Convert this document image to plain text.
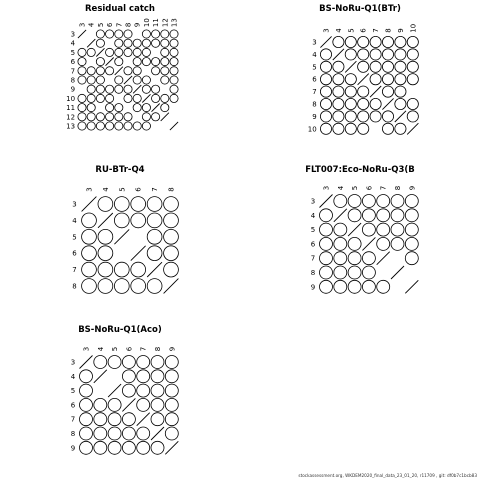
Residual catch
3
3
4
4
5
5
6
6
7
7
8
8
9
9
10
10
11
11
12
12
13
13
BS-NoRu-Q1(BTr)
3
3
4
4
5
5
6
6
7
7
8
8
9
9
10
10
RU-BTr-Q4
3
3
4
4
5
5
6
6
7
7
8
8
FLT007:Eco-NoRu-Q3(B
3
3
4
4
5
5
6
6
7
7
8
8
9
9
BS-NoRu-Q1(Aco)
3
3
4
4
5
5
6
6
7
7
8
8
9
9
stockassessment.org, WKDEM2020_final_data_23_01_20, r11709 , git: df0b7c1bcb83
